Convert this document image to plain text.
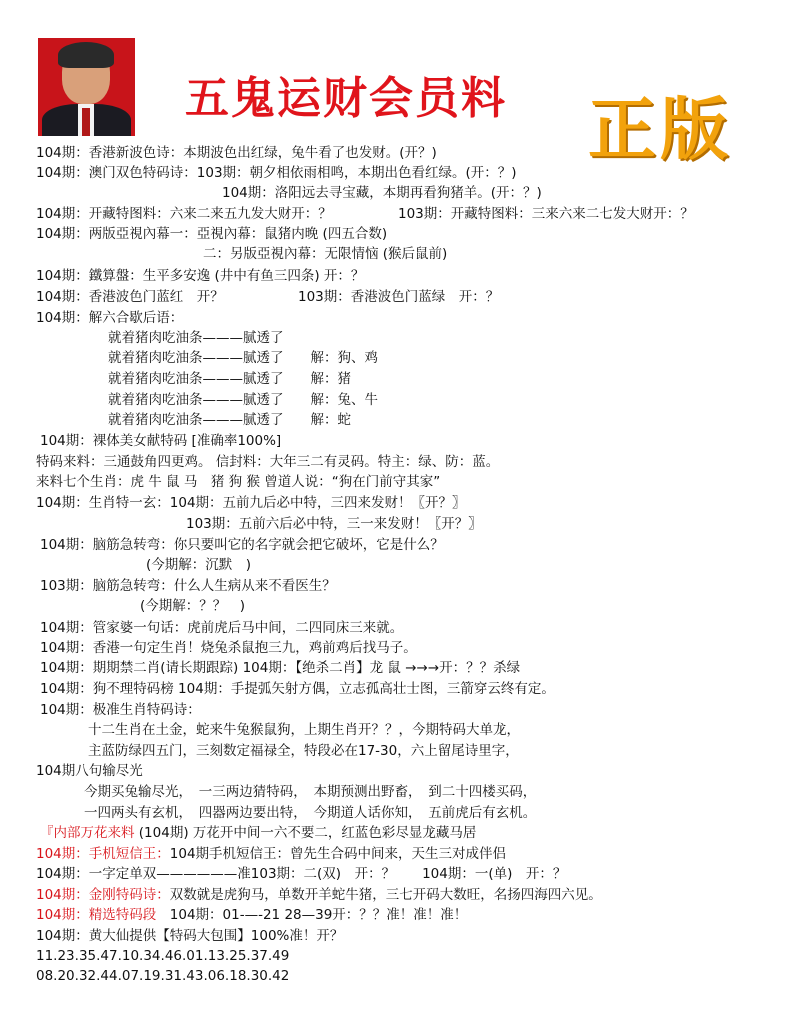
五鬼运财会员料 正版
104期：香港新波色诗：本期波色出红绿，兔牛看了也发财。(开？)
104期：澳门双色特码诗：103期：朝夕相依雨相鸣，本期出色看红绿。(开：？)
104期：洛阳远去寻宝藏，本期再看狗猪羊。(开：？)
104期：开藏特图料：六来二来五九发大财开：？	103期：开藏特图料：三来六来二七发大财开：？
104期：两版亞視內幕一：亞視內幕：鼠猪内晚 (四五合数)
二：另版亞視內幕：无限情恼 (猴后鼠前)
104期：鐵算盤：生平多安逸 (井中有鱼三四条) 开：？
104期：香港波色门蓝红　开？	103期：香港波色门蓝绿　开：？
104期：解六合歇后语：
就着猪肉吃油条———腻透了
就着猪肉吃油条———腻透了　　解：狗、鸡
就着猪肉吃油条———腻透了　　解：猪
就着猪肉吃油条———腻透了　　解：兔、牛
就着猪肉吃油条———腻透了　　解：蛇
104期：裸体美女献特码 [准确率100%]
特码来料：三通鼓角四更鸡。 信封料：大年三二有灵码。特主：绿、防：蓝。
来料七个生肖：虎 牛 鼠 马　猪 狗 猴 曾道人说：“狗在门前守其家”
104期：生肖特一玄：104期：五前九后必中特，三四来发财！〖开？〗
103期：五前六后必中特，三一来发财！〖开？〗
104期：脑筋急转弯：你只要叫它的名字就会把它破坏，它是什么？
(今期解：沉默　)
103期：脑筋急转弯：什么人生病从来不看医生？
(今期解：？？　)
104期：管家婆一句话：虎前虎后马中间，二四同床三来就。
104期：香港一句定生肖！烧兔杀鼠抱三九，鸡前鸡后找马子。
104期：期期禁二肖(请长期跟踪) 104期：【绝杀二肖】龙 鼠 →→→开：？？杀绿
104期：狗不理特码榜 104期：手提弧矢射方偶，立志孤高壮士图，三箭穿云终有定。
104期：极准生肖特码诗：
十二生肖在土金，蛇来牛兔猴鼠狗，上期生肖开？？，今期特码大单龙，
主蓝防绿四五门，三刻数定福禄全，特段必在17-30，六上留尾诗里字，
104期八句输尽光
今期买兔输尽光，　一三两边猜特码，　本期预测出野畜，　到二十四楼买码，
一四两头有玄机，　四器两边要出特，　今期道人话你知，　五前虎后有玄机。
『内部万花来料 (104期) 万花开中间一六不要二，红蓝色彩尽显龙藏马居
104期：手机短信王：104期手机短信王：曾先生合码中间来，天生三对成伴侣
104期：一字定单双——————准103期：二(双)　开：？　　104期：一(单)　开：？
104期：金刚特码诗：双数就是虎狗马，单数开羊蛇牛猪，三七开码大数旺，名扬四海四六见。
104期：精选特码段　104期：01-—-21 28—39开：？？准！准！准！
104期：黄大仙提供【特码大包围】100%准！开？
11.23.35.47.10.34.46.01.13.25.37.49
08.20.32.44.07.19.31.43.06.18.30.42
